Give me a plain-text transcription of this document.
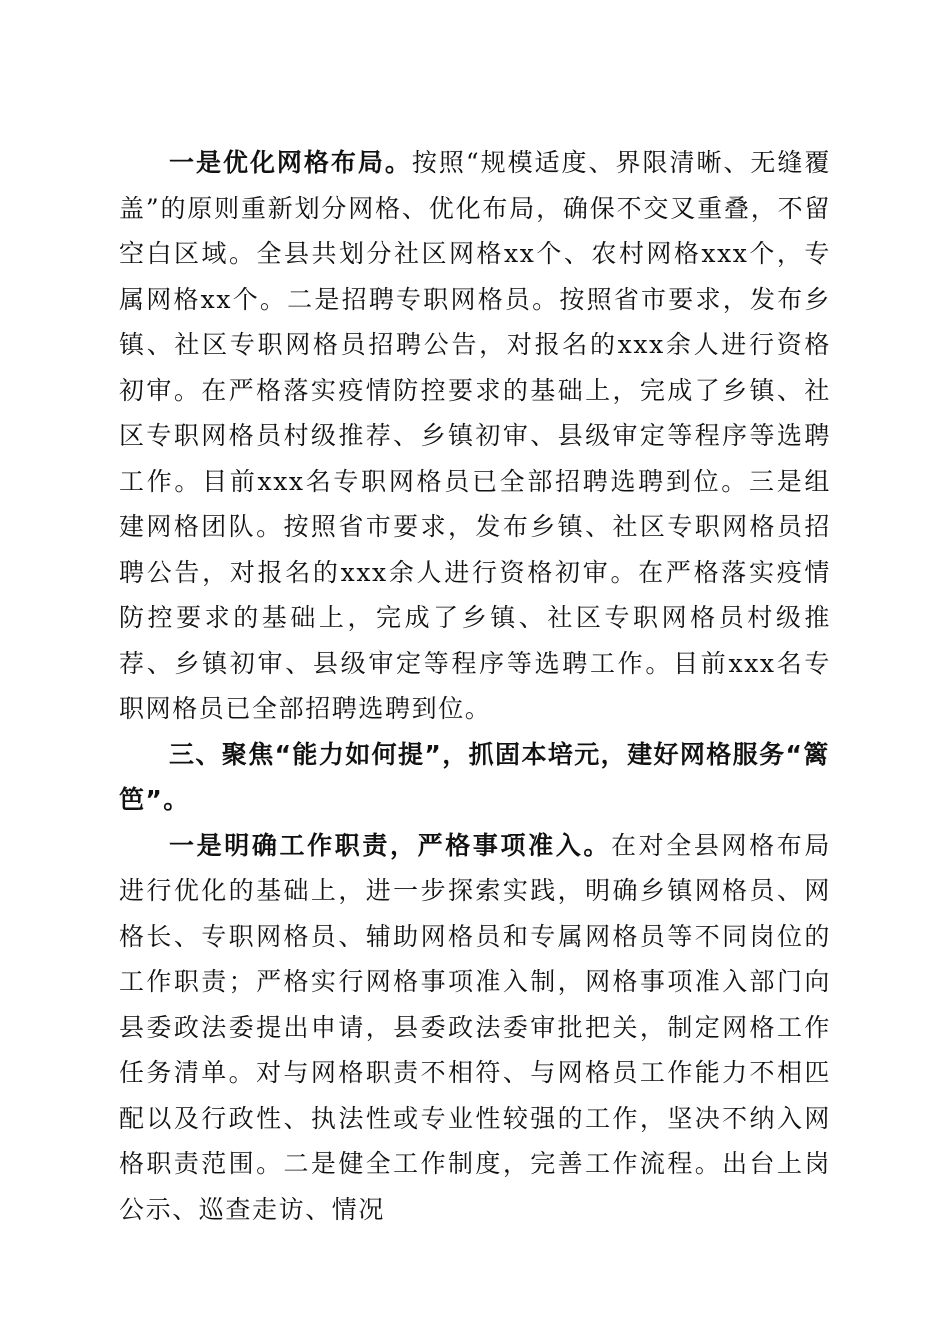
一是优化网格布局。按照“规模适度、界限清晰、无缝覆盖”的原则重新划分网格、优化布局，确保不交叉重叠，不留空白区域。全县共划分社区网格xx个、农村网格xxx个，专属网格xx个。二是招聘专职网格员。按照省市要求，发布乡镇、社区专职网格员招聘公告，对报名的xxx余人进行资格初审。在严格落实疫情防控要求的基础上，完成了乡镇、社区专职网格员村级推荐、乡镇初审、县级审定等程序等选聘工作。目前xxx名专职网格员已全部招聘选聘到位。三是组建网格团队。按照省市要求，发布乡镇、社区专职网格员招聘公告，对报名的xxx余人进行资格初审。在严格落实疫情防控要求的基础上，完成了乡镇、社区专职网格员村级推荐、乡镇初审、县级审定等程序等选聘工作。目前xxx名专职网格员已全部招聘选聘到位。

三、聚焦“能力如何提”，抓固本培元，建好网格服务“篱笆”。

一是明确工作职责，严格事项准入。在对全县网格布局进行优化的基础上，进一步探索实践，明确乡镇网格员、网格长、专职网格员、辅助网格员和专属网格员等不同岗位的工作职责；严格实行网格事项准入制，网格事项准入部门向县委政法委提出申请，县委政法委审批把关，制定网格工作任务清单。对与网格职责不相符、与网格员工作能力不相匹配以及行政性、执法性或专业性较强的工作，坚决不纳入网格职责范围。二是健全工作制度，完善工作流程。出台上岗公示、巡查走访、情况
